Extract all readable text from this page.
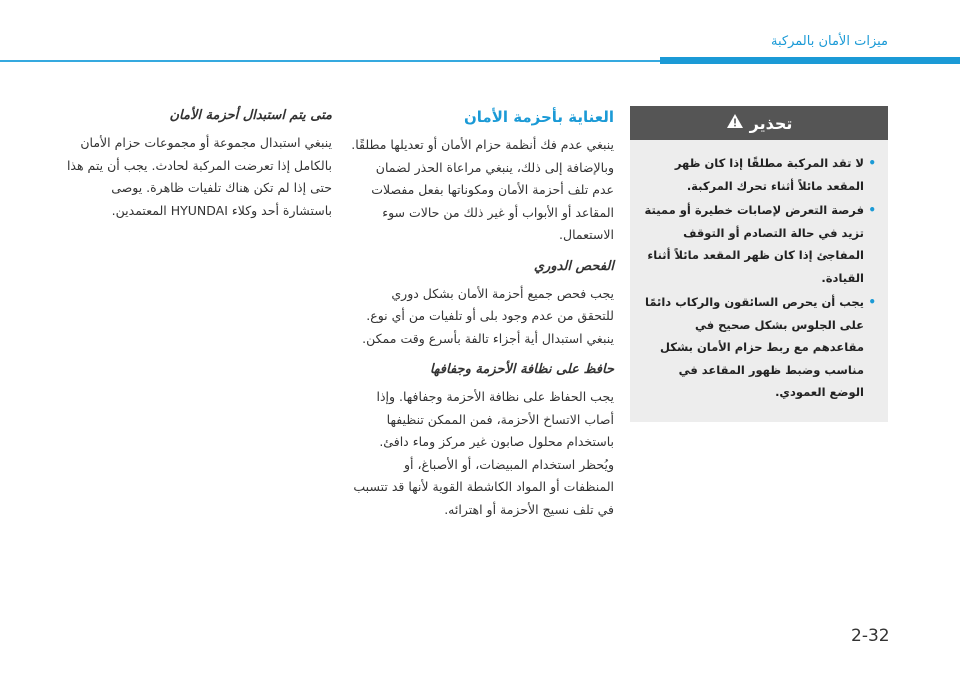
ميزات الأمان بالمركبة
تحذير
• لا تقد المركبة مطلقًا إذا كان ظهر المقعد مائلاً أثناء تحرك المركبة.
• فرصة التعرض لإصابات خطيرة أو مميتة تزيد في حالة التصادم أو التوقف المفاجئ إذا كان ظهر المقعد مائلاً أثناء القيادة.
• يجب أن يحرص السائقون والركاب دائمًا على الجلوس بشكل صحيح في مقاعدهم مع ربط حزام الأمان بشكل مناسب وضبط ظهور المقاعد في الوضع العمودي.
العناية بأحزمة الأمان

ينبغي عدم فك أنظمة حزام الأمان أو تعديلها مطلقًا. وبالإضافة إلى ذلك، ينبغي مراعاة الحذر لضمان عدم تلف أحزمة الأمان ومكوناتها بفعل مفصلات المقاعد أو الأبواب أو غير ذلك من حالات سوء الاستعمال.

الفحص الدوري

يجب فحص جميع أحزمة الأمان بشكل دوري للتحقق من عدم وجود بلى أو تلفيات من أي نوع. ينبغي استبدال أية أجزاء تالفة بأسرع وقت ممكن.

حافظ على نظافة الأحزمة وجفافها

يجب الحفاظ على نظافة الأحزمة وجفافها. وإذا أصاب الاتساخ الأحزمة، فمن الممكن تنظيفها باستخدام محلول صابون غير مركز وماء دافئ. ويُحظر استخدام المبيضات، أو الأصباغ، أو المنظفات أو المواد الكاشطة القوية لأنها قد تتسبب في تلف نسيج الأحزمة أو اهترائه.

متى يتم استبدال أحزمة الأمان

ينبغي استبدال مجموعة أو مجموعات حزام الأمان بالكامل إذا تعرضت المركبة لحادث. يجب أن يتم هذا حتى إذا لم تكن هناك تلفيات ظاهرة. يوصى باستشارة أحد وكلاء HYUNDAI المعتمدين.

2-32
